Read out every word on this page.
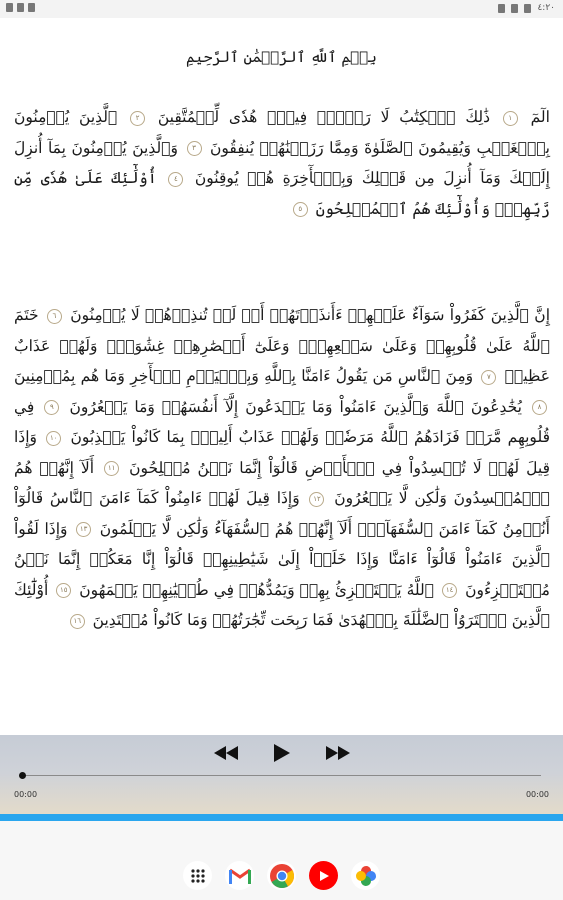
٤:٢٠
بِسۡمِ ٱللَّهِ ٱلرَّحۡمَٰنِ ٱلرَّحِيمِ
الٓمٓ ١ ذَٰلِكَ ٱلۡكِتَٰبُ لَا رَيۡبَۛ فِيهِۛ هُدٗى لِّلۡمُتَّقِينَ ٢ ٱلَّذِينَ يُؤۡمِنُونَ بِٱلۡغَيۡبِ وَيُقِيمُونَ ٱلصَّلَوٰةَ وَمِمَّا رَزَقۡنَٰهُمۡ يُنفِقُونَ ٣ وَٱلَّذِينَ يُؤۡمِنُونَ بِمَآ أُنزِلَ إِلَيۡكَ وَمَآ أُنزِلَ مِن قَبۡلِكَ وَبِٱلۡأٓخِرَةِ هُمۡ يُوقِنُونَ ٤ أُوْلَٰٓئِكَ عَلَىٰ هُدٗى مِّن رَّبِّهِمۡۖ وَأُوْلَٰٓئِكَ هُمُ ٱلۡمُفۡلِحُونَ ٥
إِنَّ ٱلَّذِينَ كَفَرُواْ سَوَآءٌ عَلَيۡهِمۡ ءَأَنذَرۡتَهُمۡ أَمۡ لَمۡ تُنذِرۡهُمۡ لَا يُؤۡمِنُونَ ٦ خَتَمَ ٱللَّهُ عَلَىٰ قُلُوبِهِمۡ وَعَلَىٰ سَمۡعِهِمۡۖ وَعَلَىٰٓ أَبۡصَٰرِهِمۡ غِشَٰوَةٞۖ وَلَهُمۡ عَذَابٌ عَظِيمٞ ٧ وَمِنَ ٱلنَّاسِ مَن يَقُولُ ءَامَنَّا بِٱللَّهِ وَبِٱلۡيَوۡمِ ٱلۡأٓخِرِ وَمَا هُم بِمُؤۡمِنِينَ ٨ يُخَٰدِعُونَ ٱللَّهَ وَٱلَّذِينَ ءَامَنُواْ وَمَا يَخۡدَعُونَ إِلَّآ أَنفُسَهُمۡ وَمَا يَشۡعُرُونَ ٩ فِي قُلُوبِهِم مَّرَضٞ فَزَادَهُمُ ٱللَّهُ مَرَضٗاۖ وَلَهُمۡ عَذَابٌ أَلِيمُۢ بِمَا كَانُواْ يَكۡذِبُونَ ١٠ وَإِذَا قِيلَ لَهُمۡ لَا تُفۡسِدُواْ فِي ٱلۡأَرۡضِ قَالُوٓاْ إِنَّمَا نَحۡنُ مُصۡلِحُونَ ١١ أَلَآ إِنَّهُمۡ هُمُ ٱلۡمُفۡسِدُونَ وَلَٰكِن لَّا يَشۡعُرُونَ ١٢ وَإِذَا قِيلَ لَهُمۡ ءَامِنُواْ كَمَآ ءَامَنَ ٱلنَّاسُ قَالُوٓاْ أَنُؤۡمِنُ كَمَآ ءَامَنَ ٱلسُّفَهَآءُۗ أَلَآ إِنَّهُمۡ هُمُ ٱلسُّفَهَآءُ وَلَٰكِن لَّا يَعۡلَمُونَ ١٣ وَإِذَا لَقُواْ ٱلَّذِينَ ءَامَنُواْ قَالُوٓاْ ءَامَنَّا وَإِذَا خَلَوۡاْ إِلَىٰ شَيَٰطِينِهِمۡ قَالُوٓاْ إِنَّا مَعَكُمۡ إِنَّمَا نَحۡنُ مُسۡتَهۡزِءُونَ ١٤ ٱللَّهُ يَسۡتَهۡزِئُ بِهِمۡ وَيَمُدُّهُمۡ فِي طُغۡيَٰنِهِمۡ يَعۡمَهُونَ ١٥ أُوْلَٰٓئِكَ ٱلَّذِينَ ٱشۡتَرَوُاْ ٱلضَّلَٰلَةَ بِٱلۡهُدَىٰ فَمَا رَبِحَت تِّجَٰرَتُهُمۡ وَمَا كَانُواْ مُهۡتَدِينَ ١٦
00:00	00:00
